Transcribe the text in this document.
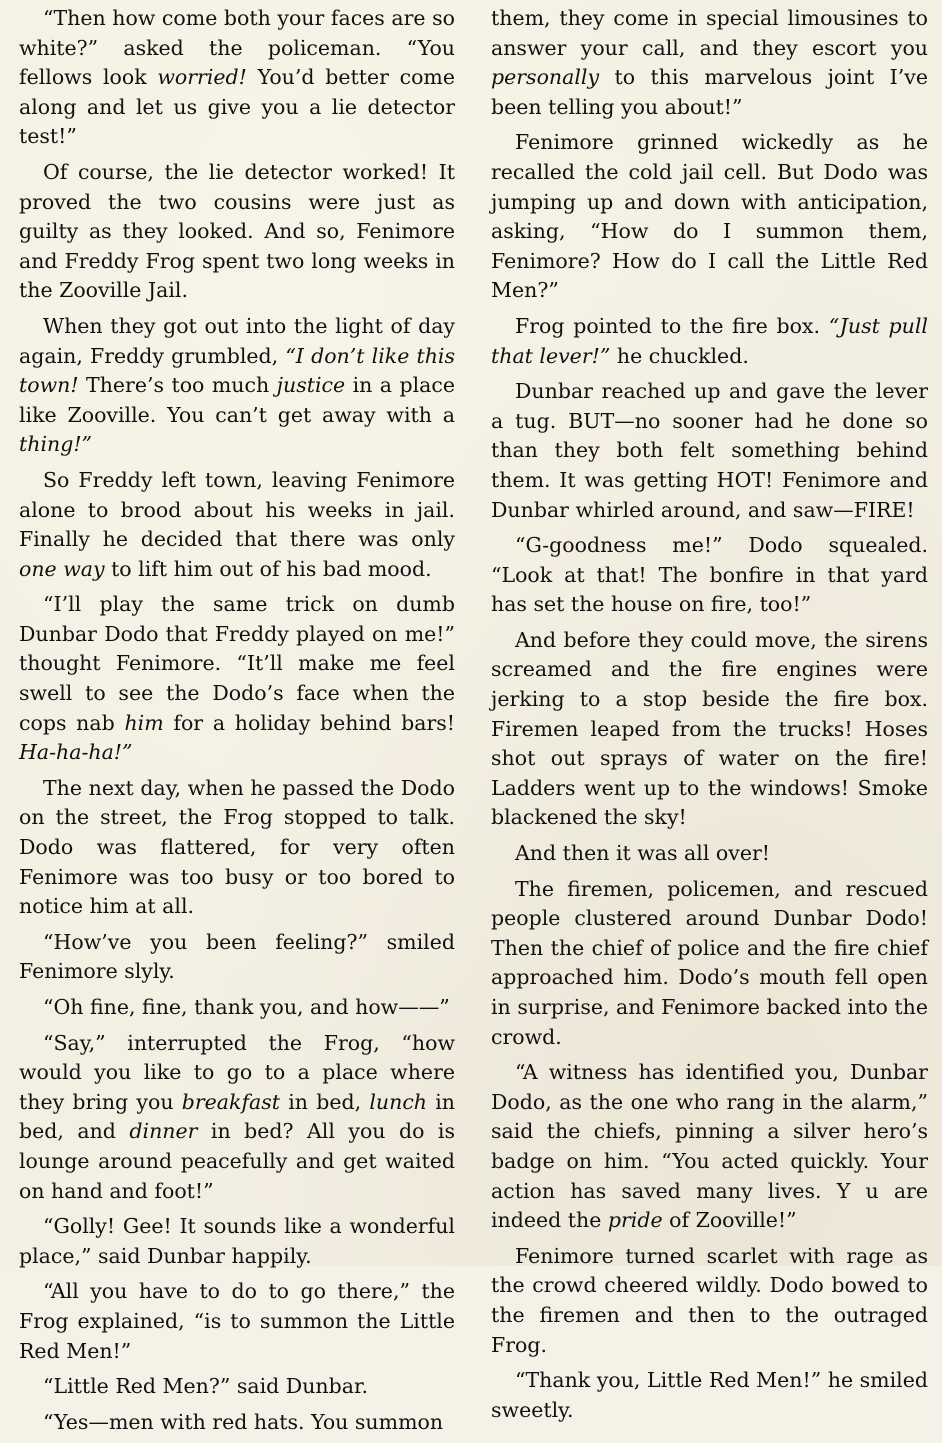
“Then how come both your faces are so white?” asked the policeman. “You fellows look worried! You’d better come along and let us give you a lie detector test!”

Of course, the lie detector worked! It proved the two cousins were just as guilty as they looked. And so, Fenimore and Freddy Frog spent two long weeks in the Zooville Jail.

When they got out into the light of day again, Freddy grumbled, “I don’t like this town! There’s too much justice in a place like Zooville. You can’t get away with a thing!”

So Freddy left town, leaving Fenimore alone to brood about his weeks in jail. Finally he decided that there was only one way to lift him out of his bad mood.

“I’ll play the same trick on dumb Dunbar Dodo that Freddy played on me!” thought Fenimore. “It’ll make me feel swell to see the Dodo’s face when the cops nab him for a holiday behind bars! Ha-ha-ha!”

The next day, when he passed the Dodo on the street, the Frog stopped to talk. Dodo was flattered, for very often Fenimore was too busy or too bored to notice him at all.

“How’ve you been feeling?” smiled Fenimore slyly.

“Oh fine, fine, thank you, and how——”

“Say,” interrupted the Frog, “how would you like to go to a place where they bring you breakfast in bed, lunch in bed, and dinner in bed? All you do is lounge around peacefully and get waited on hand and foot!”

“Golly! Gee! It sounds like a wonderful place,” said Dunbar happily.

“All you have to do to go there,” the Frog explained, “is to summon the Little Red Men!”

“Little Red Men?” said Dunbar.

“Yes—men with red hats. You summon

them, they come in special limousines to answer your call, and they escort you personally to this marvelous joint I’ve been telling you about!”

Fenimore grinned wickedly as he recalled the cold jail cell. But Dodo was jumping up and down with anticipation, asking, “How do I summon them, Fenimore? How do I call the Little Red Men?”

Frog pointed to the fire box. “Just pull that lever!” he chuckled.

Dunbar reached up and gave the lever a tug. BUT—no sooner had he done so than they both felt something behind them. It was getting HOT! Fenimore and Dunbar whirled around, and saw—FIRE!

“G-goodness me!” Dodo squealed. “Look at that! The bonfire in that yard has set the house on fire, too!”

And before they could move, the sirens screamed and the fire engines were jerking to a stop beside the fire box. Firemen leaped from the trucks! Hoses shot out sprays of water on the fire! Ladders went up to the windows! Smoke blackened the sky!

And then it was all over!

The firemen, policemen, and rescued people clustered around Dunbar Dodo! Then the chief of police and the fire chief approached him. Dodo’s mouth fell open in surprise, and Fenimore backed into the crowd.

“A witness has identified you, Dunbar Dodo, as the one who rang in the alarm,” said the chiefs, pinning a silver hero’s badge on him. “You acted quickly. Your action has saved many lives. Y u are indeed the pride of Zooville!”

Fenimore turned scarlet with rage as the crowd cheered wildly. Dodo bowed to the firemen and then to the outraged Frog.

“Thank you, Little Red Men!” he smiled sweetly.
